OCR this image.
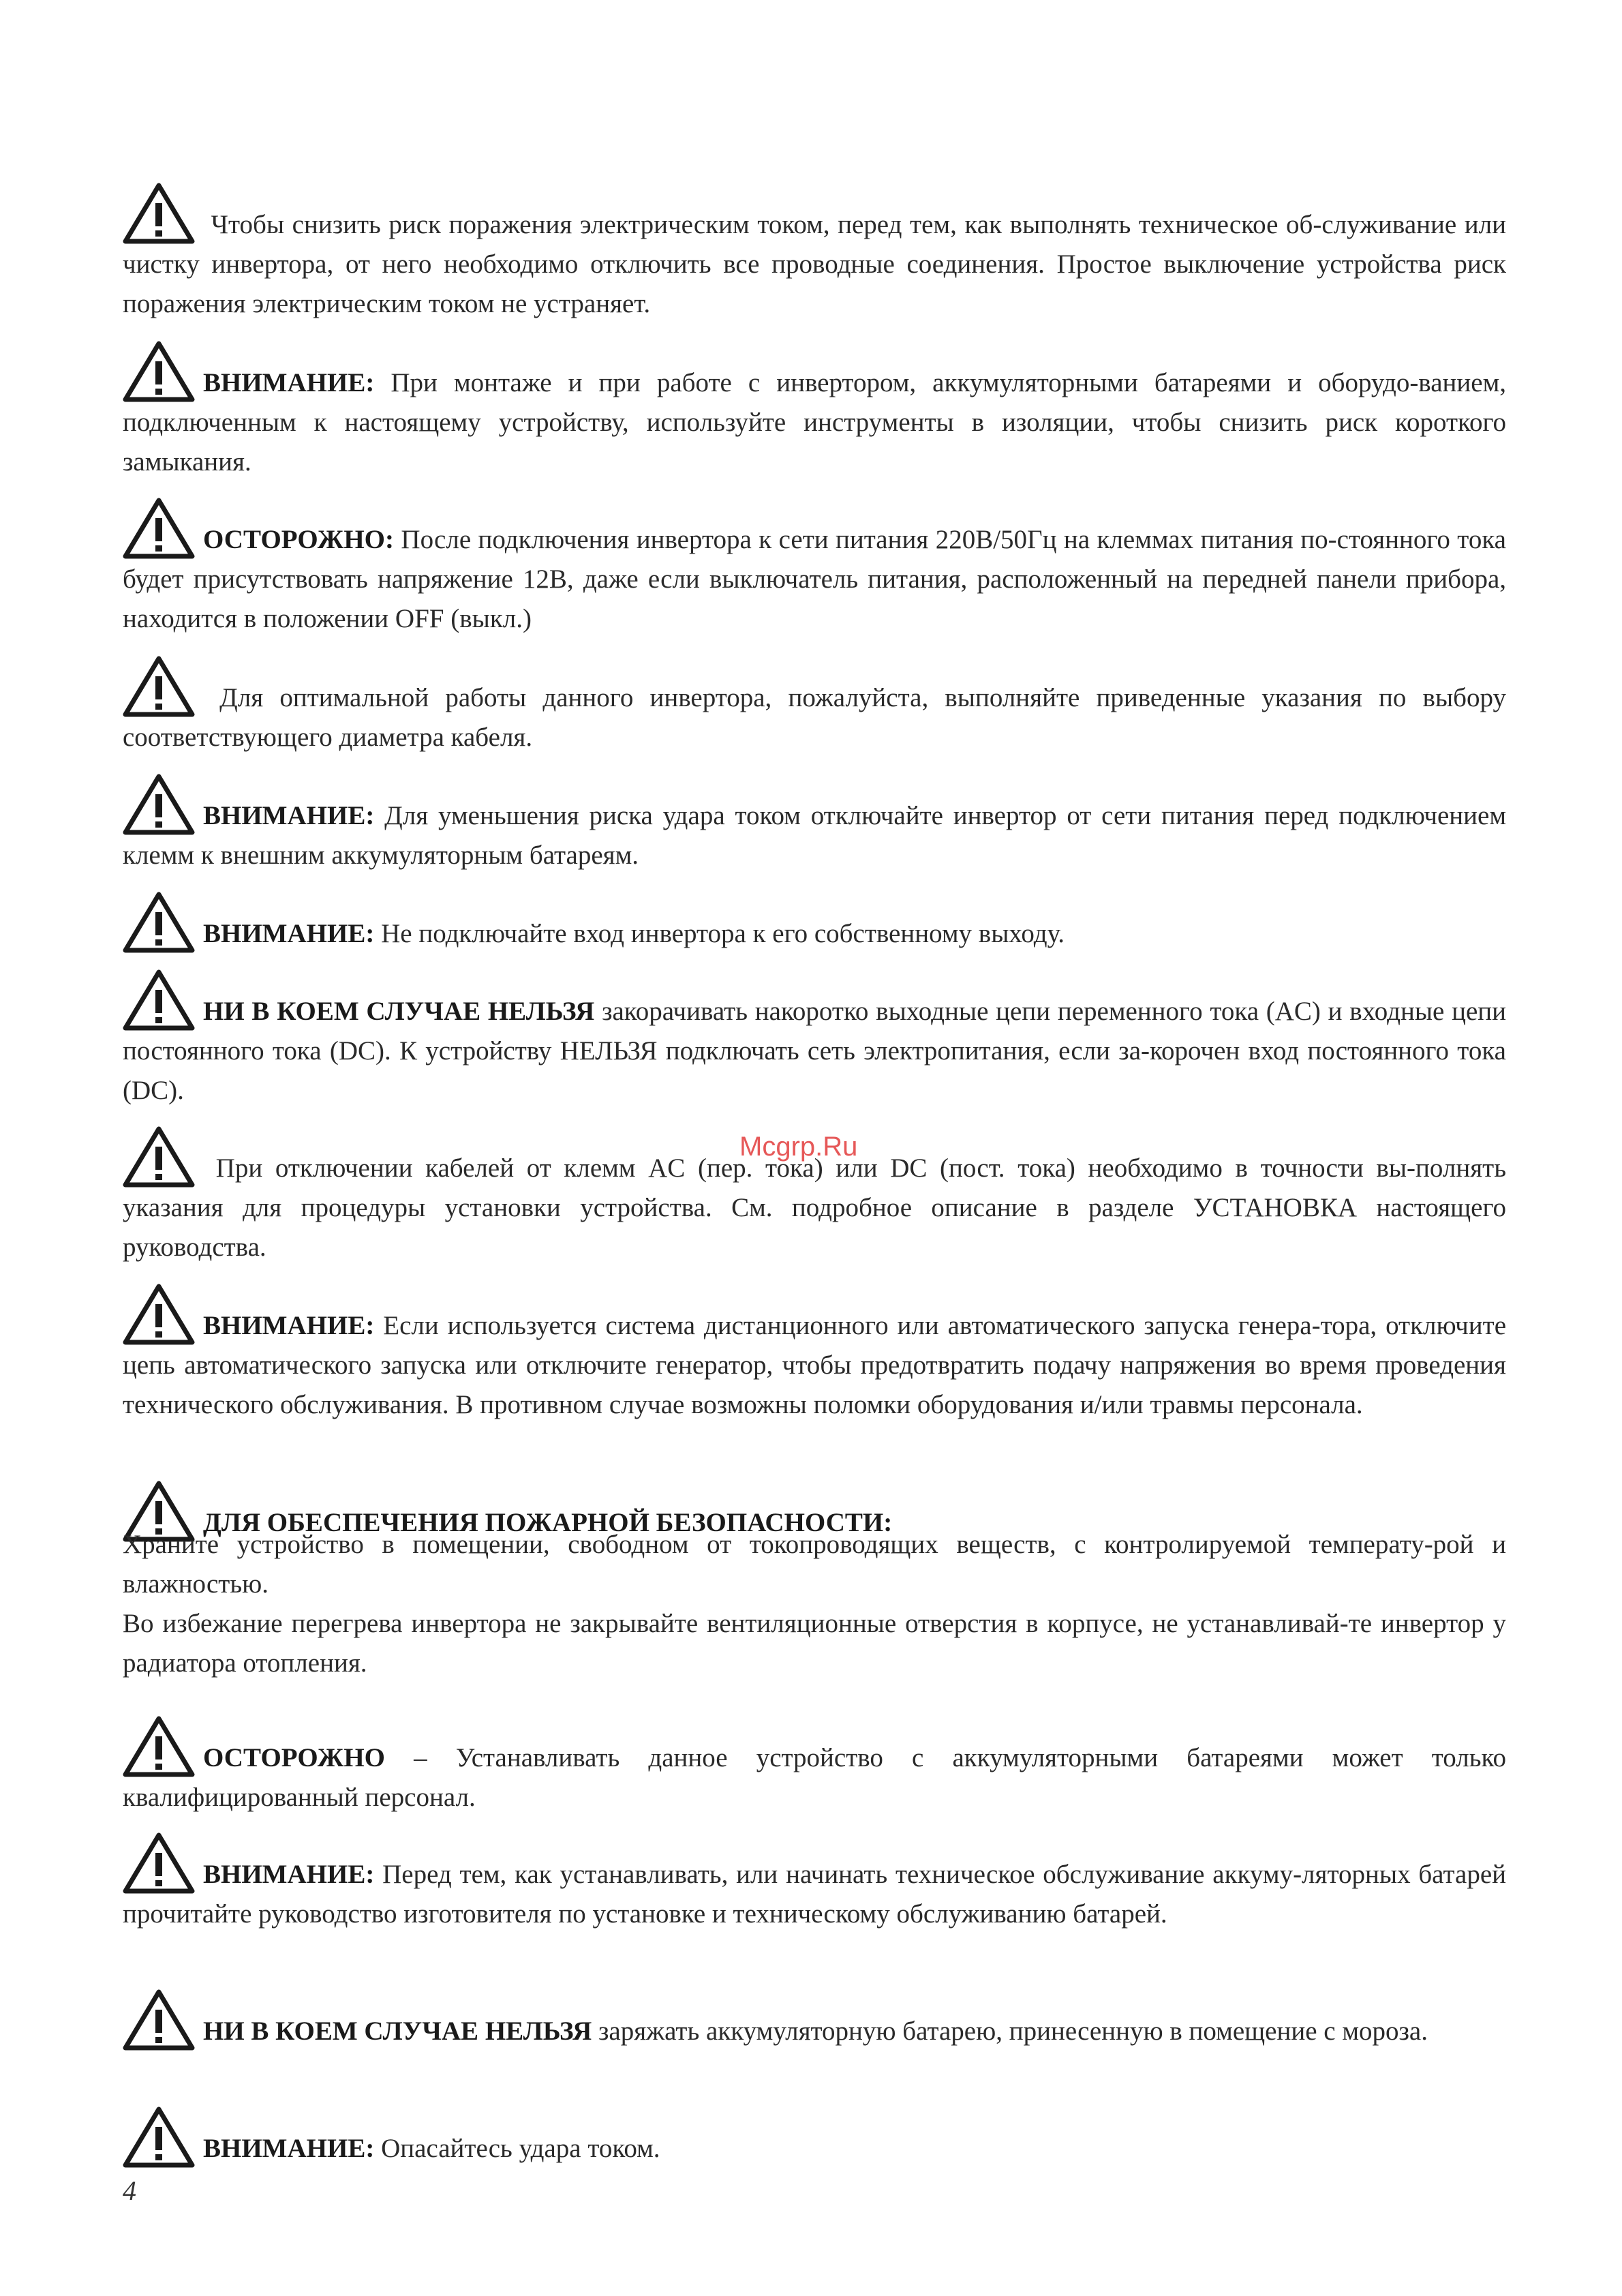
Чтобы снизить риск поражения электрическим током, перед тем, как выполнять техническое об-служивание или чистку инвертора, от него необходимо отключить все проводные соединения. Простое выключение устройства риск поражения электрическим током не устраняет.

ВНИМАНИЕ: При монтаже и при работе с инвертором, аккумуляторными батареями и оборудо-ванием, подключенным к настоящему устройству, используйте инструменты в изоляции, чтобы снизить риск короткого замыкания.

ОСТОРОЖНО: После подключения инвертора к сети питания 220В/50Гц на клеммах питания по-стоянного тока будет присутствовать напряжение 12В, даже если выключатель питания, расположенный на передней панели прибора, находится в положении OFF (выкл.)

Для оптимальной работы данного инвертора, пожалуйста, выполняйте приведенные указания по выбору соответствующего диаметра кабеля.

ВНИМАНИЕ: Для уменьшения риска удара током отключайте инвертор от сети питания перед подключением клемм к внешним аккумуляторным батареям.

ВНИМАНИЕ: Не подключайте вход инвертора к его собственному выходу.

НИ В КОЕМ СЛУЧАЕ НЕЛЬЗЯ закорачивать накоротко выходные цепи переменного тока (AC) и входные цепи постоянного тока (DC). К устройству НЕЛЬЗЯ подключать сеть электропитания, если за-корочен вход постоянного тока (DC).

При отключении кабелей от клемм AC (пер. тока) или DC (пост. тока) необходимо в точности вы-полнять указания для процедуры установки устройства. См. подробное описание в разделе УСТАНОВКА настоящего руководства.

ВНИМАНИЕ: Если используется система дистанционного или автоматического запуска генера-тора, отключите цепь автоматического запуска или отключите генератор, чтобы предотвратить подачу напряжения во время проведения технического обслуживания. В противном случае возможны поломки оборудования и/или травмы персонала.

ДЛЯ ОБЕСПЕЧЕНИЯ ПОЖАРНОЙ БЕЗОПАСНОСТИ:

Храните устройство в помещении, свободном от токопроводящих веществ, с контролируемой температу-рой и влажностью.

Во избежание перегрева инвертора не закрывайте вентиляционные отверстия в корпусе, не устанавливай-те инвертор у радиатора отопления.

ОСТОРОЖНО – Устанавливать данное устройство с аккумуляторными батареями может только квалифицированный персонал.

ВНИМАНИЕ: Перед тем, как устанавливать, или начинать техническое обслуживание аккуму-ляторных батарей прочитайте руководство изготовителя по установке и техническому обслуживанию батарей.

НИ В КОЕМ СЛУЧАЕ НЕЛЬЗЯ заряжать аккумуляторную батарею, принесенную в помещение с мороза.

ВНИМАНИЕ: Опасайтесь удара током.

Mcgrp.Ru
4
